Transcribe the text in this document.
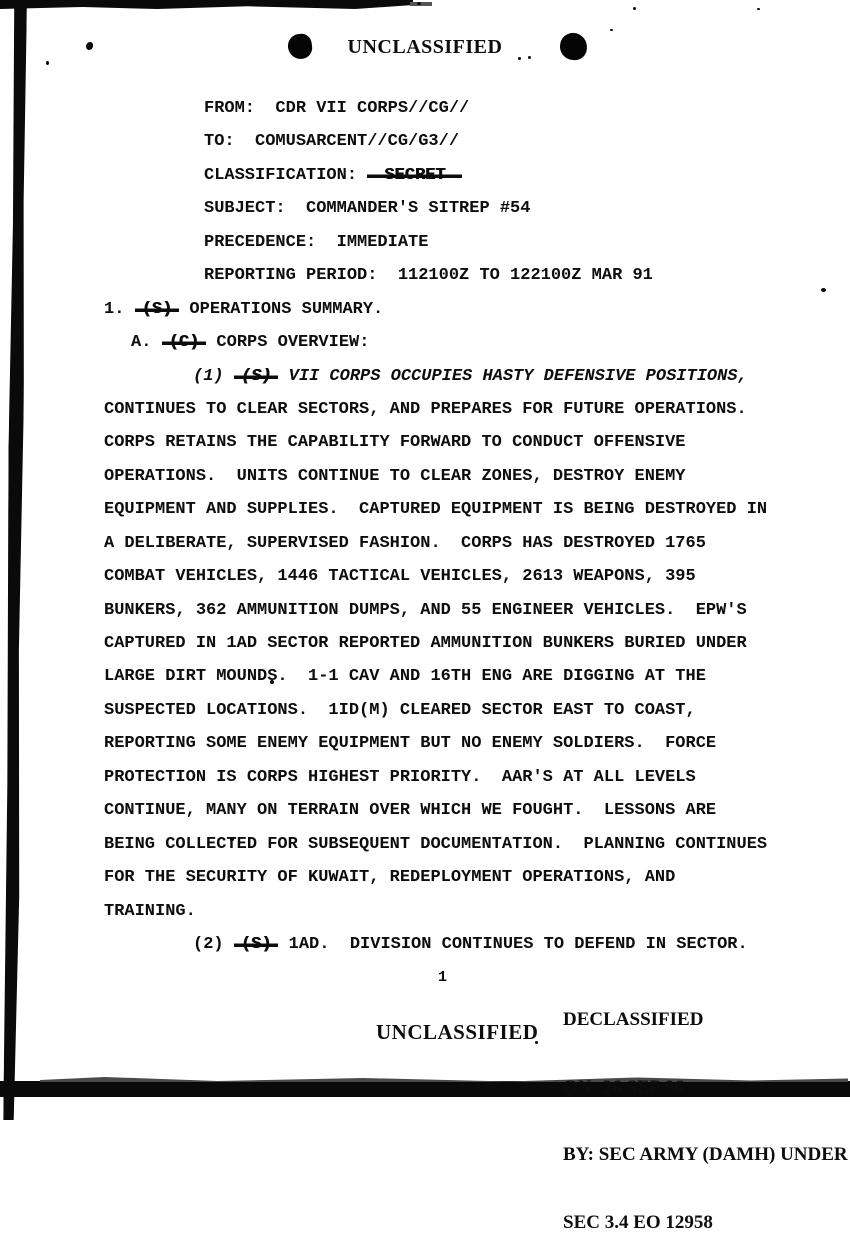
UNCLASSIFIED
FROM:  CDR VII CORPS//CG//
TO:  COMUSARCENT//CG/G3//
CLASSIFICATION: SECRET
SUBJECT:  COMMANDER'S SITREP #54
PRECEDENCE:  IMMEDIATE
REPORTING PERIOD:  112100Z TO 122100Z MAR 91
1. (S) OPERATIONS SUMMARY.
A. (C) CORPS OVERVIEW:
(1) (S) VII CORPS OCCUPIES HASTY DEFENSIVE POSITIONS,
CONTINUES TO CLEAR SECTORS, AND PREPARES FOR FUTURE OPERATIONS.
CORPS RETAINS THE CAPABILITY FORWARD TO CONDUCT OFFENSIVE
OPERATIONS.  UNITS CONTINUE TO CLEAR ZONES, DESTROY ENEMY
EQUIPMENT AND SUPPLIES.  CAPTURED EQUIPMENT IS BEING DESTROYED IN
A DELIBERATE, SUPERVISED FASHION.  CORPS HAS DESTROYED 1765
COMBAT VEHICLES, 1446 TACTICAL VEHICLES, 2613 WEAPONS, 395
BUNKERS, 362 AMMUNITION DUMPS, AND 55 ENGINEER VEHICLES.  EPW'S
CAPTURED IN 1AD SECTOR REPORTED AMMUNITION BUNKERS BURIED UNDER
LARGE DIRT MOUNDS.  1-1 CAV AND 16TH ENG ARE DIGGING AT THE
SUSPECTED LOCATIONS.  1ID(M) CLEARED SECTOR EAST TO COAST,
REPORTING SOME ENEMY EQUIPMENT BUT NO ENEMY SOLDIERS.  FORCE
PROTECTION IS CORPS HIGHEST PRIORITY.  AAR'S AT ALL LEVELS
CONTINUE, MANY ON TERRAIN OVER WHICH WE FOUGHT.  LESSONS ARE
BEING COLLECTED FOR SUBSEQUENT DOCUMENTATION.  PLANNING CONTINUES
FOR THE SECURITY OF KUWAIT, REDEPLOYMENT OPERATIONS, AND
TRAINING.
(2) (S) 1AD.  DIVISION CONTINUES TO DEFEND IN SECTOR.
1
UNCLASSIFIED

DECLASSIFIED

ON: 26 SEP 96

BY: SEC ARMY (DAMH) UNDER

SEC 3.4 EO 12958
